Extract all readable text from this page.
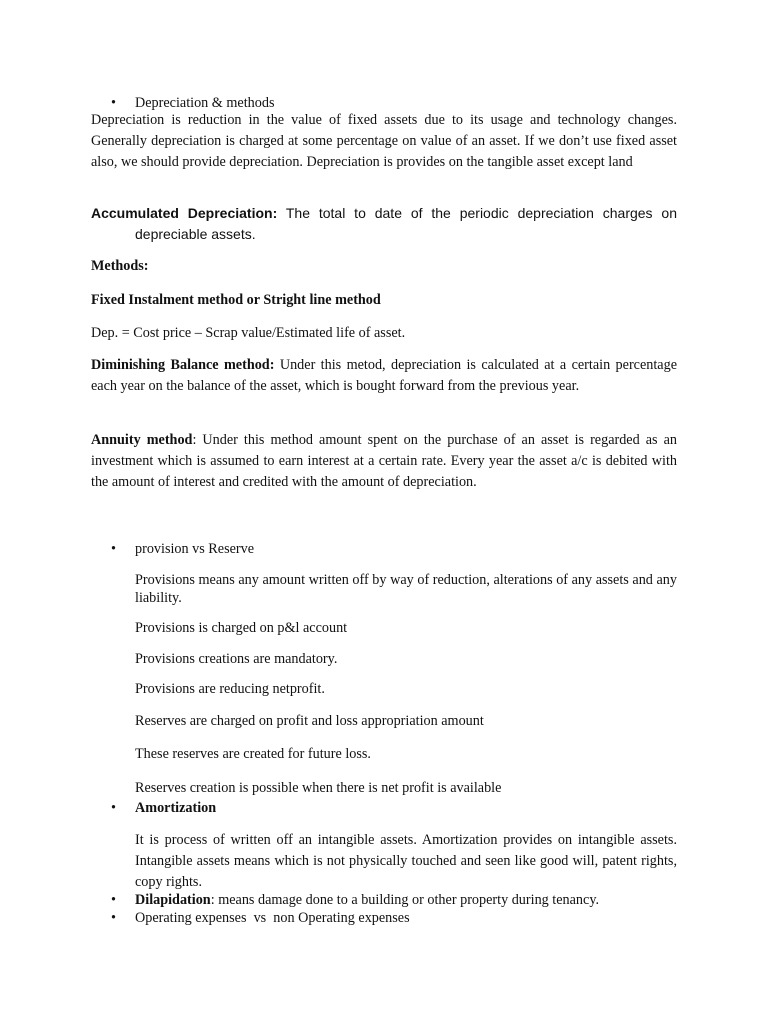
• Depreciation & methods

Depreciation is reduction in the value of fixed assets due to its usage and technology changes. Generally depreciation is charged at some percentage on value of an asset. If we don’t use fixed asset also, we should provide depreciation. Depreciation is provides on the tangible asset except land

Accumulated Depreciation: The total to date of the periodic depreciation charges on depreciable assets.

Methods:

Fixed Instalment method or Stright line method

Dep. = Cost price – Scrap value/Estimated life of asset.

Diminishing Balance method: Under this metod, depreciation is calculated at a certain percentage each year on the balance of the asset, which is bought forward from the previous year.

Annuity method: Under this method amount spent on the purchase of an asset is regarded as an investment which is assumed to earn interest at a certain rate. Every year the asset a/c is debited with the amount of interest and credited with the amount of depreciation.

• provision vs Reserve

Provisions means any amount written off by way of reduction, alterations of any assets and any liability.

Provisions is charged on p&l account

Provisions creations are mandatory.

Provisions are reducing netprofit.

Reserves are charged on profit and loss appropriation amount

These reserves are created for future loss.

Reserves creation is possible when there is net profit is available

• Amortization

It is process of written off an intangible assets. Amortization provides on intangible assets. Intangible assets means which is not physically touched and seen like good will, patent rights, copy rights.

• Dilapidation: means damage done to a building or other property during tenancy.
• Operating expenses  vs  non Operating expenses
